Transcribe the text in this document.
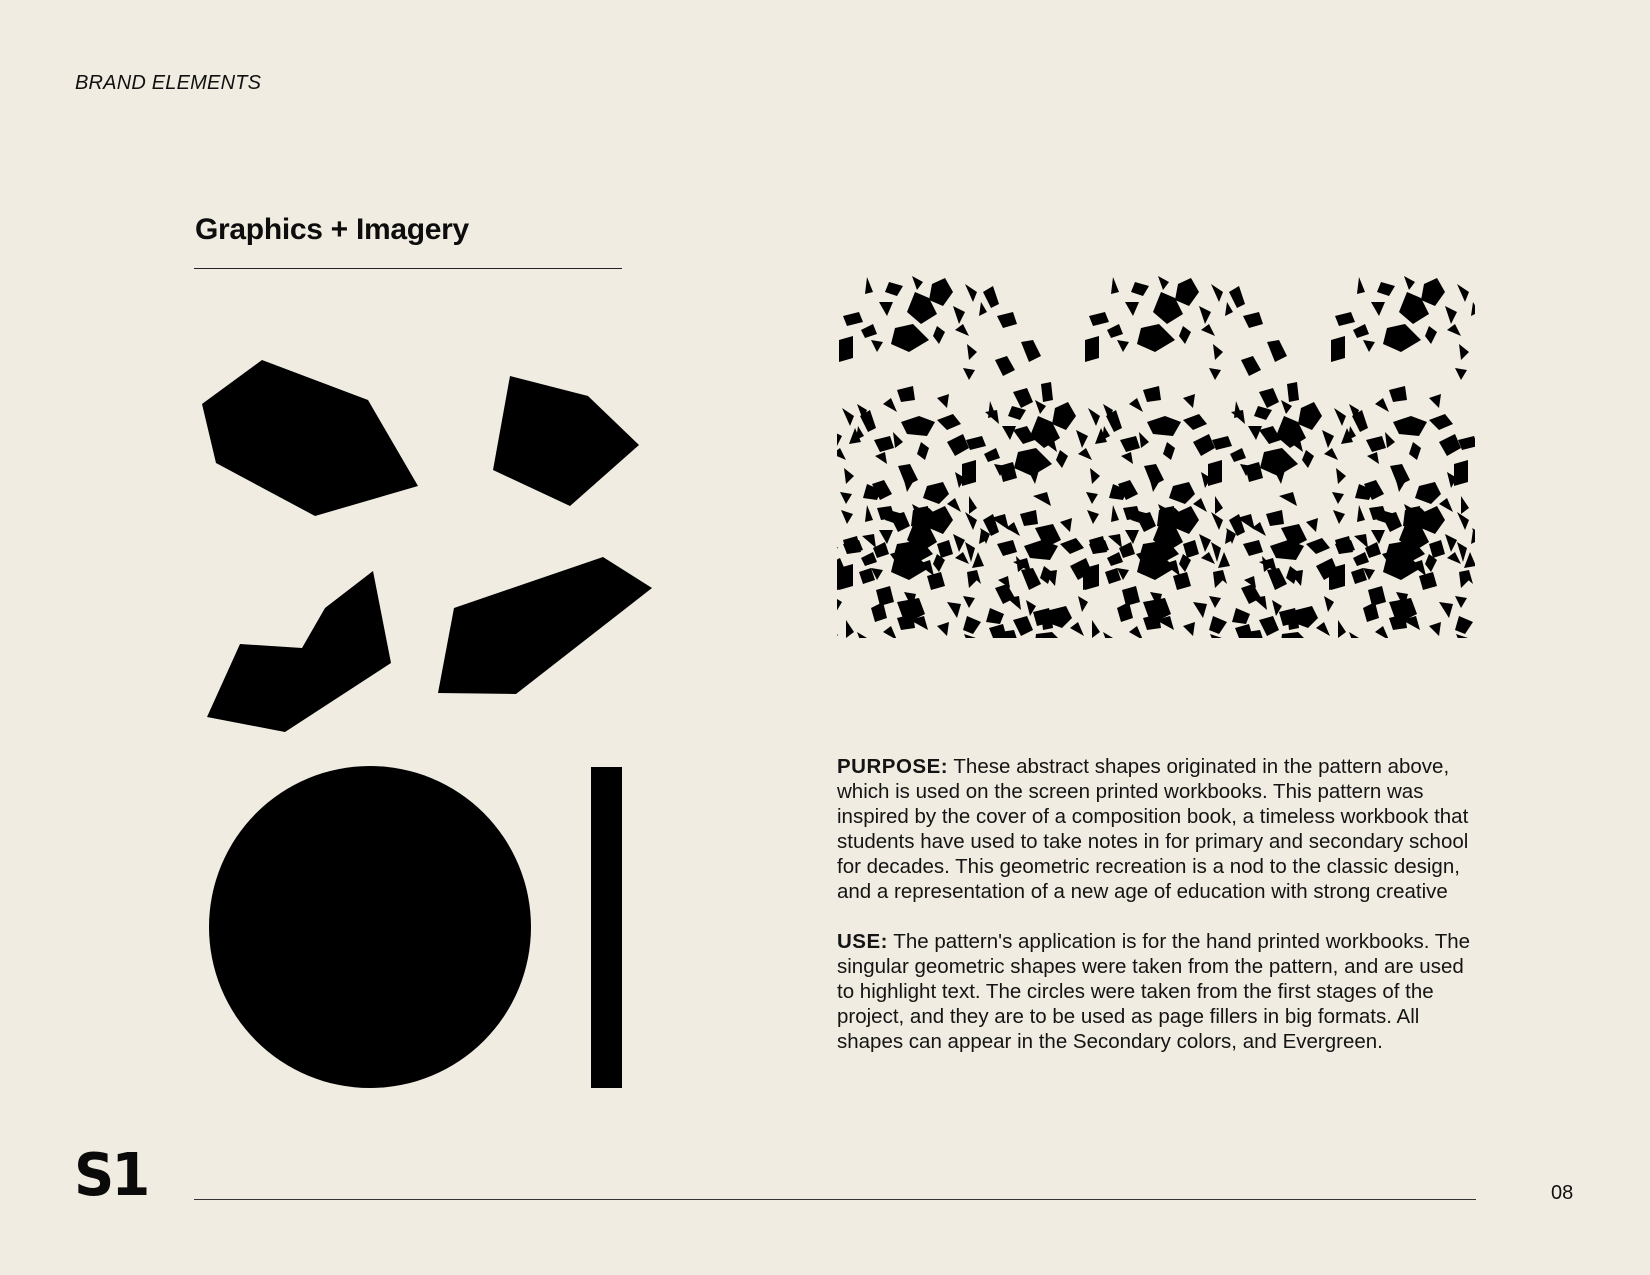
BRAND ELEMENTS
Graphics + Imagery

PURPOSE: These abstract shapes originated in the pattern above, which is used on the screen printed workbooks. This pattern was inspired by the cover of a composition book, a timeless workbook that students have used to take notes in for primary and secondary school for decades. This geometric recreation is a nod to the classic design, and a representation of a new age of education with strong creative

USE: The pattern's application is for the hand printed workbooks. The singular geometric shapes were taken from the pattern, and are used to highlight text. The circles were taken from the first stages of the project, and they are to be used as page fillers in big formats. All shapes can appear in the Secondary colors, and Evergreen.

S1	08
